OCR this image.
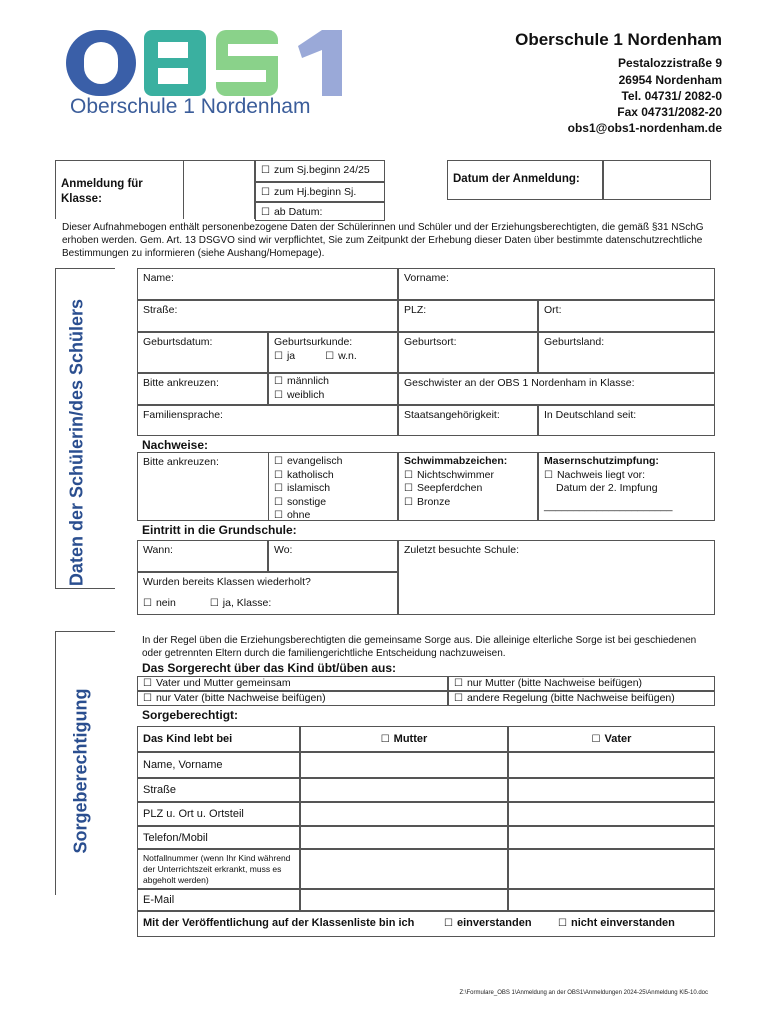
Oberschule 1 Nordenham
Oberschule 1 Nordenham
Pestalozzistraße 9
26954 Nordenham
Tel. 04731/ 2082-0
Fax 04731/2082-20
obs1@obs1-nordenham.de
Anmeldung für Klasse:
☐ zum Sj.beginn 24/25
☐ zum Hj.beginn Sj.
☐ ab Datum:
Datum der Anmeldung:
Dieser Aufnahmebogen enthält personenbezogene Daten der Schülerinnen und Schüler und der Erziehungsberechtigten, die gemäß §31 NSchG erhoben werden. Gem. Art. 13 DSGVO sind wir verpflichtet, Sie zum Zeitpunkt der Erhebung dieser Daten über bestimmte datenschutzrechtliche Bestimmungen zu informieren (siehe Aushang/Homepage).
Daten der Schülerin/des Schülers
Sorgeberechtigung
Name:	Vorname:
Straße:	PLZ:	Ort:
Geburtsdatum:	Geburtsurkunde:
☐ ja	☐ w.n.
Geburtsort:	Geburtsland:
Bitte ankreuzen:	☐ männlich
☐ weiblich
Geschwister an der OBS 1 Nordenham in Klasse:
Familiensprache:	Staatsangehörigkeit:	In Deutschland seit:
Nachweise:
Bitte ankreuzen:	☐ evangelisch
☐ katholisch
☐ islamisch
☐ sonstige
☐ ohne
Schwimmabzeichen:
☐ Nichtschwimmer
☐ Seepferdchen
☐ Bronze
Masernschutzimpfung:
☐ Nachweis liegt vor:
Datum der 2. Impfung
______________________
Eintritt in die Grundschule:
Wann:	Wo:	Zuletzt besuchte Schule:
Wurden bereits Klassen wiederholt?
☐ nein	☐ ja, Klasse:
In der Regel üben die Erziehungsberechtigten die gemeinsame Sorge aus. Die alleinige elterliche Sorge ist bei geschiedenen oder getrennten Eltern durch die familiengerichtliche Entscheidung nachzuweisen.
Das Sorgerecht über das Kind übt/üben aus:
☐ Vater und Mutter gemeinsam	☐ nur Mutter (bitte Nachweise beifügen)
☐ nur Vater (bitte Nachweise beifügen)	☐ andere Regelung (bitte Nachweise beifügen)
Sorgeberechtigt:
Das Kind lebt bei	☐ Mutter	☐ Vater
Name, Vorname
Straße
PLZ u. Ort u. Ortsteil
Telefon/Mobil
Notfallnummer (wenn Ihr Kind während der Unterrichtszeit erkrankt, muss es abgeholt werden)
E-Mail
Mit der Veröffentlichung auf der Klassenliste bin ich	☐ einverstanden	☐ nicht einverstanden
Z:\Formulare_OBS 1\Anmeldung an der OBS1\Anmeldungen 2024-25\Anmeldung Kl5-10.doc
